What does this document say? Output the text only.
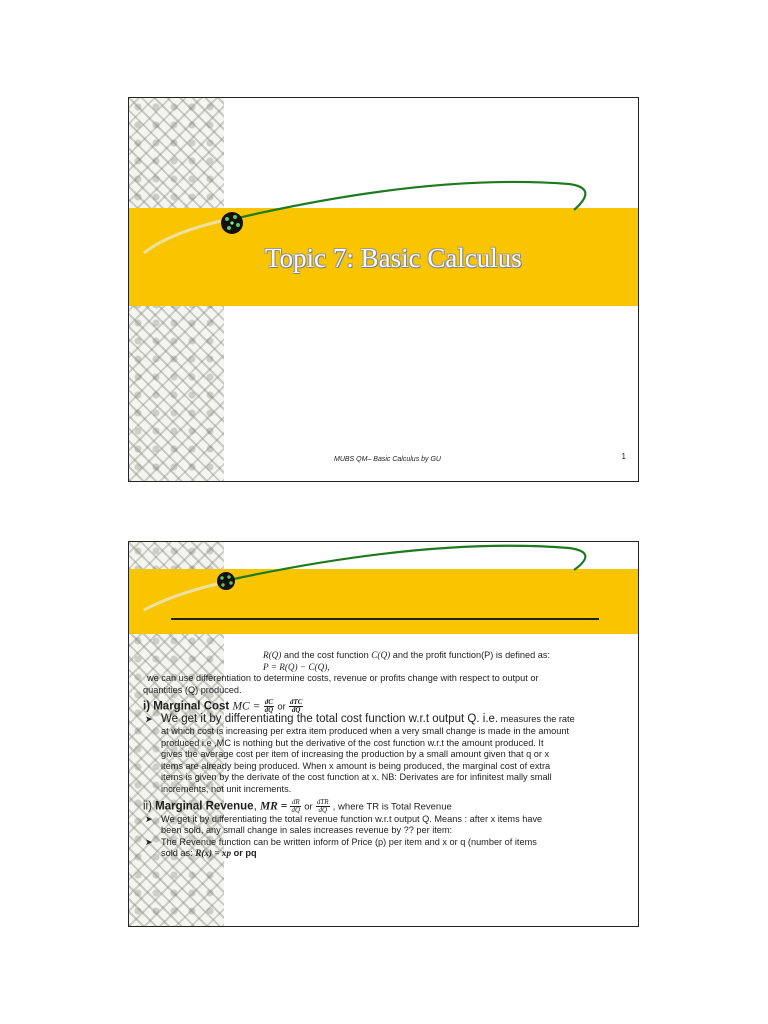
Topic 7: Basic Calculus
MUBS QM– Basic Calculus by GU	1
R(Q) and the cost function C(Q) and the profit function(P) is defined as:
P = R(Q) − C(Q),
we can use differentiation to determine costs, revenue or profits change with respect to output or
quantities (Q) produced.
i) Marginal Cost MC = $\frac{dC}{dQ}$ or $\frac{\text{dTC}}{dQ}$
➤ We get it by differentiating the total cost function w.r.t output Q. i.e. measures the rate
at which cost is increasing per extra item produced when a very small change is made in the amount
produced i.e ,MC is nothing but the derivative of the cost function w.r.t the amount produced. It
gives the average cost per item of increasing the production by a small amount given that q or x
items are already being produced. When x amount is being produced, the marginal cost of extra
items is given by the derivate of the cost function at x. NB: Derivates are for infinitest mally small
increments, not unit increments.
ii) Marginal Revenue, MR = $\frac{dR}{dQ}$ or $\frac{\text{dTR}}{dQ}$ , where TR is Total Revenue
➤ We get it by differentiating the total revenue function w.r.t output Q. Means : after x items have
been sold, any small change in sales increases revenue by ?? per item:
➤ The Revenue function can be written inform of Price (p) per item and x or q (number of items
sold as: R(x) = xp or pq
